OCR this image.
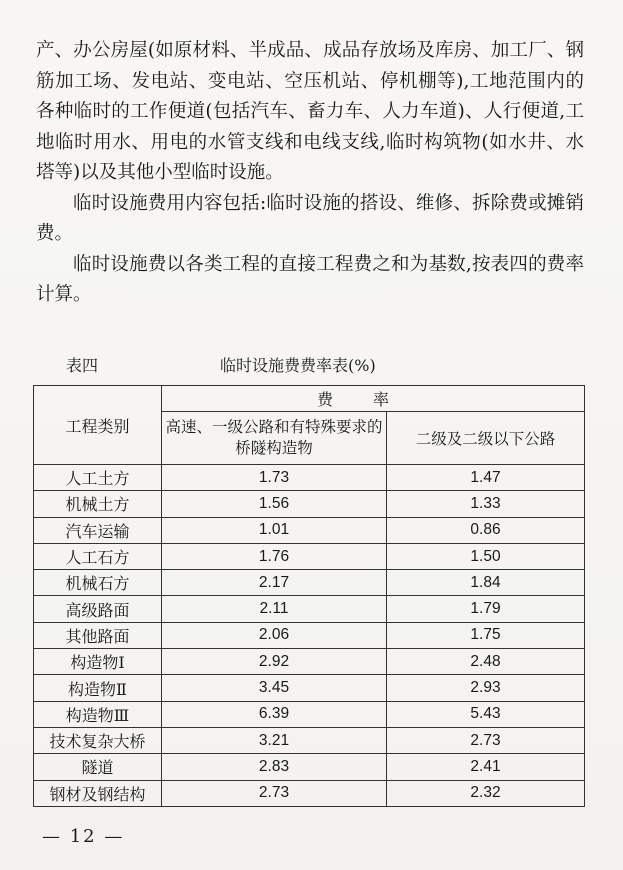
产、办公房屋(如原材料、半成品、成品存放场及库房、加工厂、钢筋加工场、发电站、变电站、空压机站、停机棚等),工地范围内的各种临时的工作便道(包括汽车、畜力车、人力车道)、人行便道,工地临时用水、用电的水管支线和电线支线,临时构筑物(如水井、水塔等)以及其他小型临时设施。

临时设施费用内容包括:临时设施的搭设、维修、拆除费或摊销费。

临时设施费以各类工程的直接工程费之和为基数,按表四的费率计算。

表四	临时设施费费率表(%)
工程类别	费率	
	高速、一级公路和有特殊要求的桥隧构造物	二级及二级以下公路
人工土方	1.73	1.47
机械土方	1.56	1.33
汽车运输	1.01	0.86
人工石方	1.76	1.50
机械石方	2.17	1.84
高级路面	2.11	1.79
其他路面	2.06	1.75
构造物Ⅰ	2.92	2.48
构造物Ⅱ	3.45	2.93
构造物Ⅲ	6.39	5.43
技术复杂大桥	3.21	2.73
隧道	2.83	2.41
钢材及钢结构	2.73	2.32
— 12 —
